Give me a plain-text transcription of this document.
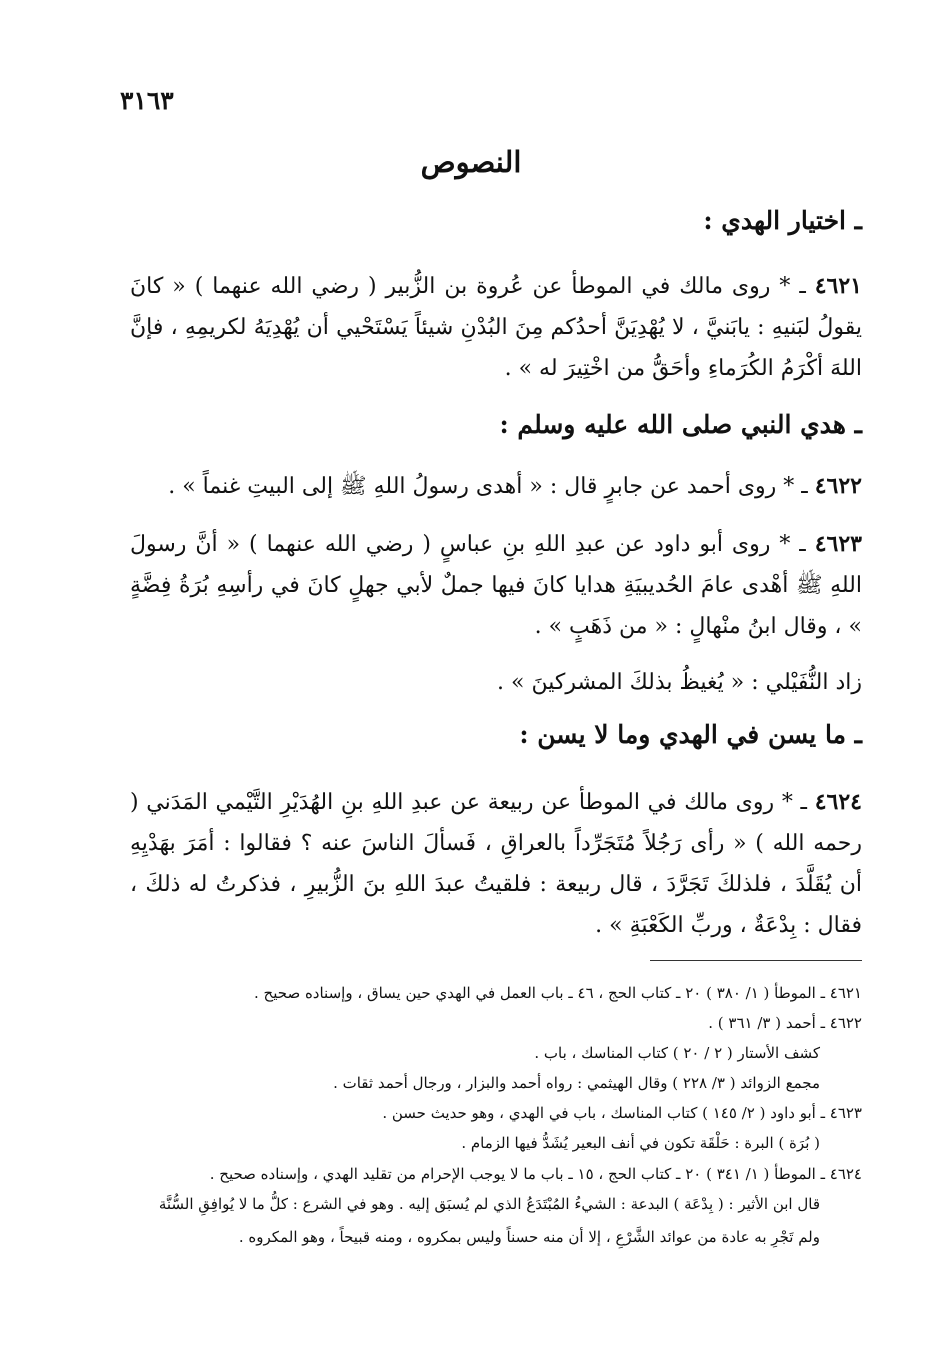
٣١٦٣
النصوص
ـ اختيار الهدي :
٤٦٢١ ـ * روى مالك في الموطأ عن عُروة بن الزُّبير ( رضي الله عنهما ) « كانَ يقولُ لبَنيهِ : يابَنيَّ ، لا يُهْدِيَنَّ أحدُكم مِنَ البُدْنِ شيئاً يَسْتَحْيي أن يُهْدِيَهُ لكريمِهِ ، فإنَّ اللهَ أكْرَمُ الكُرَماءِ وأحَقُّ من اخْتِيرَ له » .
ـ هدي النبي صلى الله عليه وسلم :
٤٦٢٢ ـ * روى أحمد عن جابرٍ قال : « أهدى رسولُ اللهِ ﷺ إلى البيتِ غنماً » .
٤٦٢٣ ـ * روى أبو داود عن عبدِ اللهِ بنِ عباسٍ ( رضي الله عنهما ) « أنَّ رسولَ اللهِ ﷺ أهْدى عامَ الحُديبيَةِ هدايا كانَ فيها جملٌ لأبي جهلٍ كانَ في رأسِهِ بُرَةُ فِضَّةٍ » ، وقال ابنُ منْهالٍ : « من ذَهَبٍ » .
زاد النُّفَيْلي : « يُغيظُ بذلكَ المشركينَ » .
ـ ما يسن في الهدي وما لا يسن :
٤٦٢٤ ـ * روى مالك في الموطأ عن ربيعة عن عبدِ اللهِ بنِ الهُدَيْرِ التَّيْمي المَدَني ( رحمه الله ) « رأى رَجُلاً مُتَجَرِّداً بالعراقِ ، فَسألَ الناسَ عنه ؟ فقالوا : أمَرَ بهَدْيِهِ أن يُقَلَّدَ ، فلذلكَ تَجَرَّدَ ، قال ربيعة : فلقيتُ عبدَ اللهِ بنَ الزُّبيرِ ، فذكرتُ له ذلكَ ، فقال : بِدْعَةٌ ، وربِّ الكَعْبَةِ » .
٤٦٢١ ـ الموطأ ( ١/ ٣٨٠ ) ٢٠ ـ كتاب الحج ، ٤٦ ـ باب العمل في الهدي حين يساق ، وإسناده صحيح .
٤٦٢٢ ـ أحمد ( ٣/ ٣٦١ ) .
كشف الأستار ( ٢ / ٢٠ ) كتاب المناسك ، باب .
مجمع الزوائد ( ٣/ ٢٢٨ ) وقال الهيثمي : رواه أحمد والبزار ، ورجال أحمد ثقات .
٤٦٢٣ ـ أبو داود ( ٢/ ١٤٥ ) كتاب المناسك ، باب في الهدي ، وهو حديث حسن .
( بُرَة ) البرة : حَلْقَة تكون في أنف البعير يُشَدُّ فيها الزمام .
٤٦٢٤ ـ الموطأ ( ١/ ٣٤١ ) ٢٠ ـ كتاب الحج ، ١٥ ـ باب ما لا يوجب الإحرام من تقليد الهدي ، وإسناده صحيح .
قال ابن الأثير : ( بِدْعَة ) البدعة : الشيءُ المُبْتَدَعُ الذي لم يُسبَق إليه . وهو في الشرع : كلُّ ما لا يُوافِقِ السُّنَّة
ولم تَجْرِ به عادة من عوائد الشَّرْعِ ، إلا أن منه حسناً وليس بمكروه ، ومنه قبيحاً ، وهو المكروه .
